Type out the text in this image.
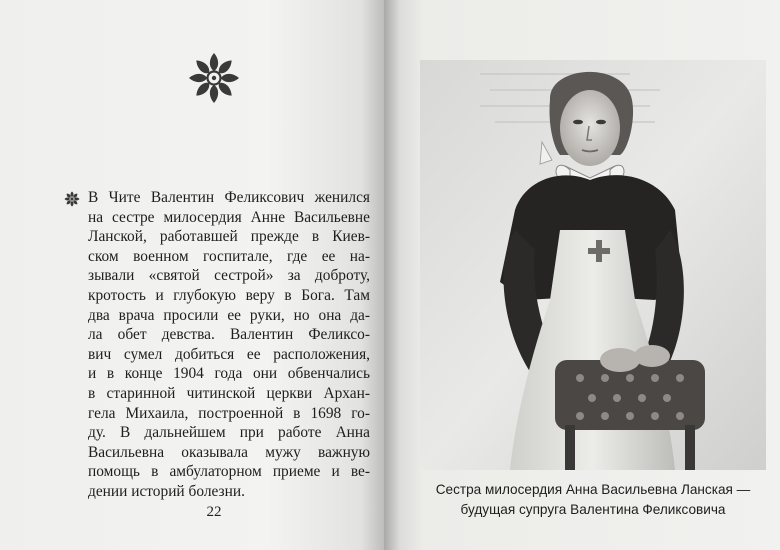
В Чите Валентин Феликсович женился
на сестре милосердия Анне Васильевне
Ланской, работавшей прежде в Киев-
ском военном госпитале, где ее на-
зывали «святой сестрой» за доброту,
кротость и глубокую веру в Бога. Там
два врача просили ее руки, но она да-
ла обет девства. Валентин Феликсо-
вич сумел добиться ее расположения,
и в конце 1904 года они обвенчались
в старинной читинской церкви Архан-
гела Михаила, построенной в 1698 го-
ду. В дальнейшем при работе Анна
Васильевна оказывала мужу важную
помощь в амбулаторном приеме и ве-
дении историй болезни.
22
Сестра милосердия Анна Васильевна Ланская —
будущая супруга Валентина Феликсовича
